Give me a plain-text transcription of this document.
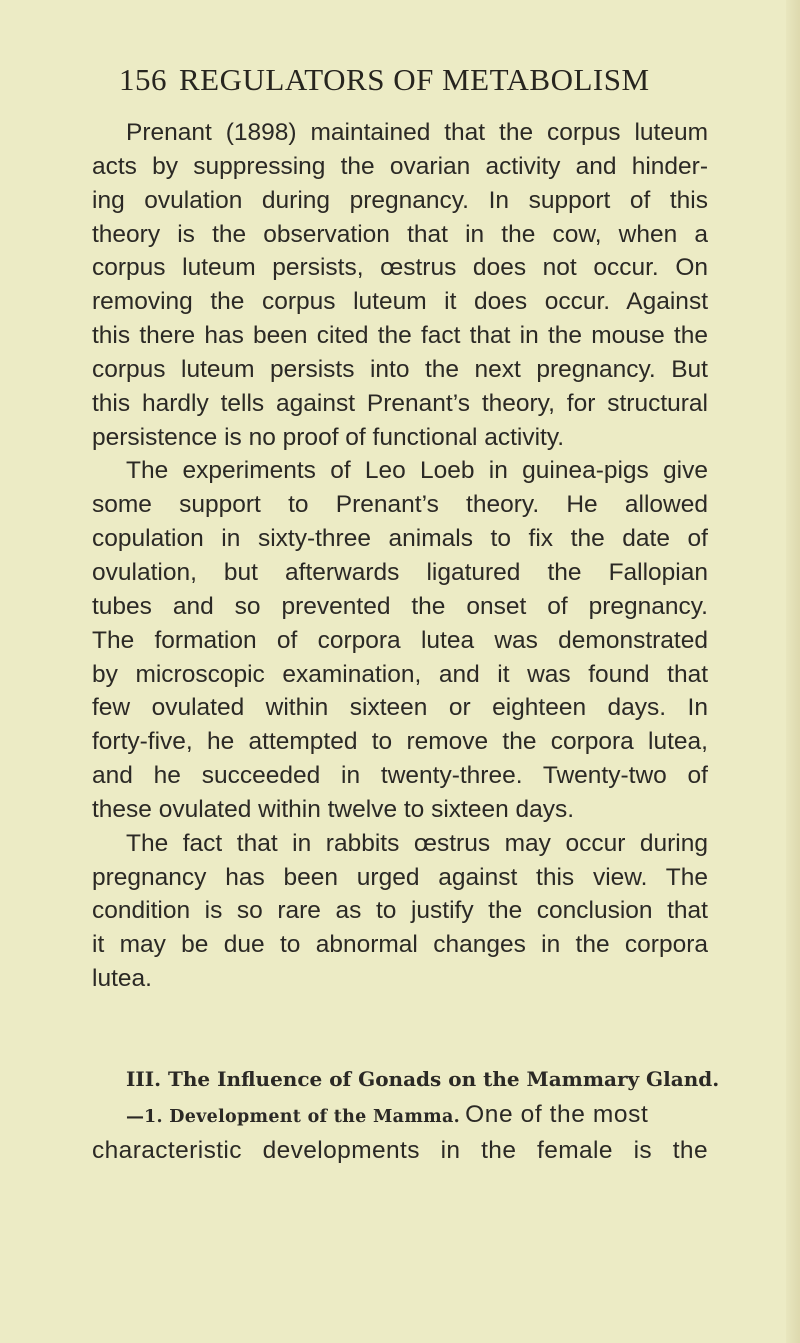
156 REGULATORS OF METABOLISM
Prenant (1898) maintained that the corpus luteum
acts by suppressing the ovarian activity and hinder-
ing ovulation during pregnancy. In support of this
theory is the observation that in the cow, when a
corpus luteum persists, œstrus does not occur. On
removing the corpus luteum it does occur. Against
this there has been cited the fact that in the mouse the
corpus luteum persists into the next pregnancy. But
this hardly tells against Prenant’s theory, for structural
persistence is no proof of functional activity.
The experiments of Leo Loeb in guinea-pigs give
some support to Prenant’s theory. He allowed
copulation in sixty-three animals to fix the date of
ovulation, but afterwards ligatured the Fallopian
tubes and so prevented the onset of pregnancy.
The formation of corpora lutea was demonstrated
by microscopic examination, and it was found that
few ovulated within sixteen or eighteen days. In
forty-five, he attempted to remove the corpora lutea,
and he succeeded in twenty-three. Twenty-two of
these ovulated within twelve to sixteen days.
The fact that in rabbits œstrus may occur during
pregnancy has been urged against this view. The
condition is so rare as to justify the conclusion that
it may be due to abnormal changes in the corpora
lutea.
III. The Influence of Gonads on the Mammary Gland.
—1. Development of the Mamma. One of the most
characteristic developments in the female is the
